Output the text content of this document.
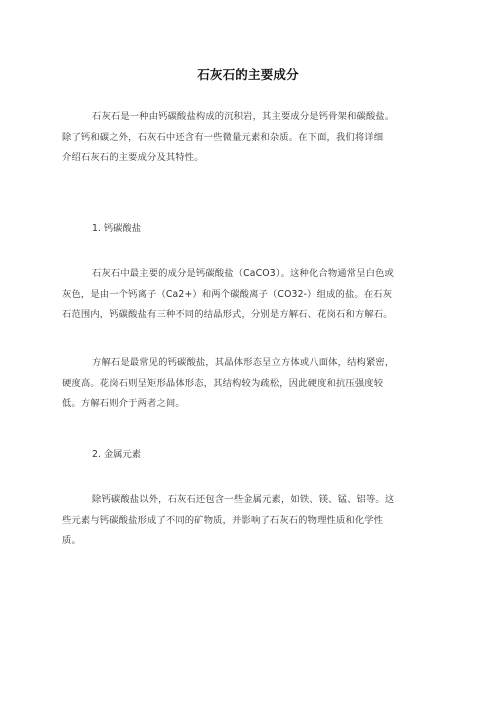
石灰石的主要成分
石灰石是一种由钙碳酸盐构成的沉积岩，其主要成分是钙骨架和碳酸盐。
除了钙和碳之外，石灰石中还含有一些微量元素和杂质。在下面，我们将详细
介绍石灰石的主要成分及其特性。
1. 钙碳酸盐
石灰石中最主要的成分是钙碳酸盐（CaCO3）。这种化合物通常呈白色或
灰色，是由一个钙离子（Ca2+）和两个碳酸离子（CO32-）组成的盐。在石灰
石范围内，钙碳酸盐有三种不同的结晶形式，分别是方解石、花岗石和方解石。
方解石是最常见的钙碳酸盐，其晶体形态呈立方体或八面体，结构紧密，
硬度高。花岗石则呈矩形晶体形态，其结构较为疏松，因此硬度和抗压强度较
低。方解石则介于两者之间。
2. 金属元素
除钙碳酸盐以外，石灰石还包含一些金属元素，如铁、镁、锰、铝等。这
些元素与钙碳酸盐形成了不同的矿物质，并影响了石灰石的物理性质和化学性
质。
